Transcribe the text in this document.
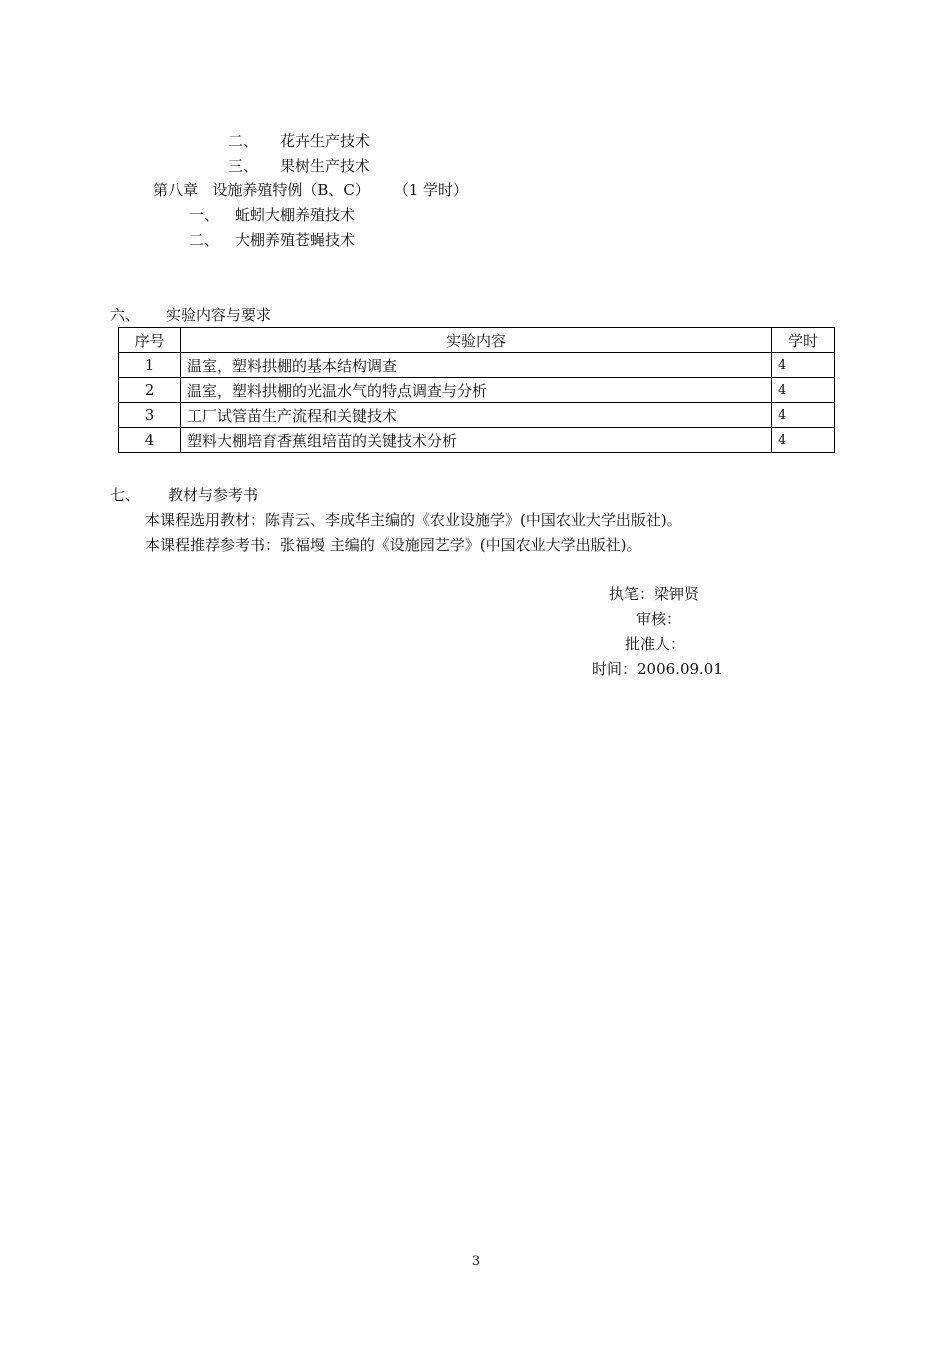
二、 花卉生产技术
三、 果树生产技术
第八章 设施养殖特例（B、C） （1 学时）
一、 蚯蚓大棚养殖技术
二、 大棚养殖苍蝇技术
六、 实验内容与要求
序号	实验内容	学时
1	温室，塑料拱棚的基本结构调查	4
2	温室，塑料拱棚的光温水气的特点调查与分析	4
3	工厂试管苗生产流程和关键技术	4
4	塑料大棚培育香蕉组培苗的关键技术分析	4
七、 教材与参考书
本课程选用教材：陈青云、李成华主编的《农业设施学》(中国农业大学出版社)。
本课程推荐参考书：张福墁 主编的《设施园艺学》(中国农业大学出版社)。
执笔：梁钾贤
审核：
批准人：
时间：2006.09.01
3
